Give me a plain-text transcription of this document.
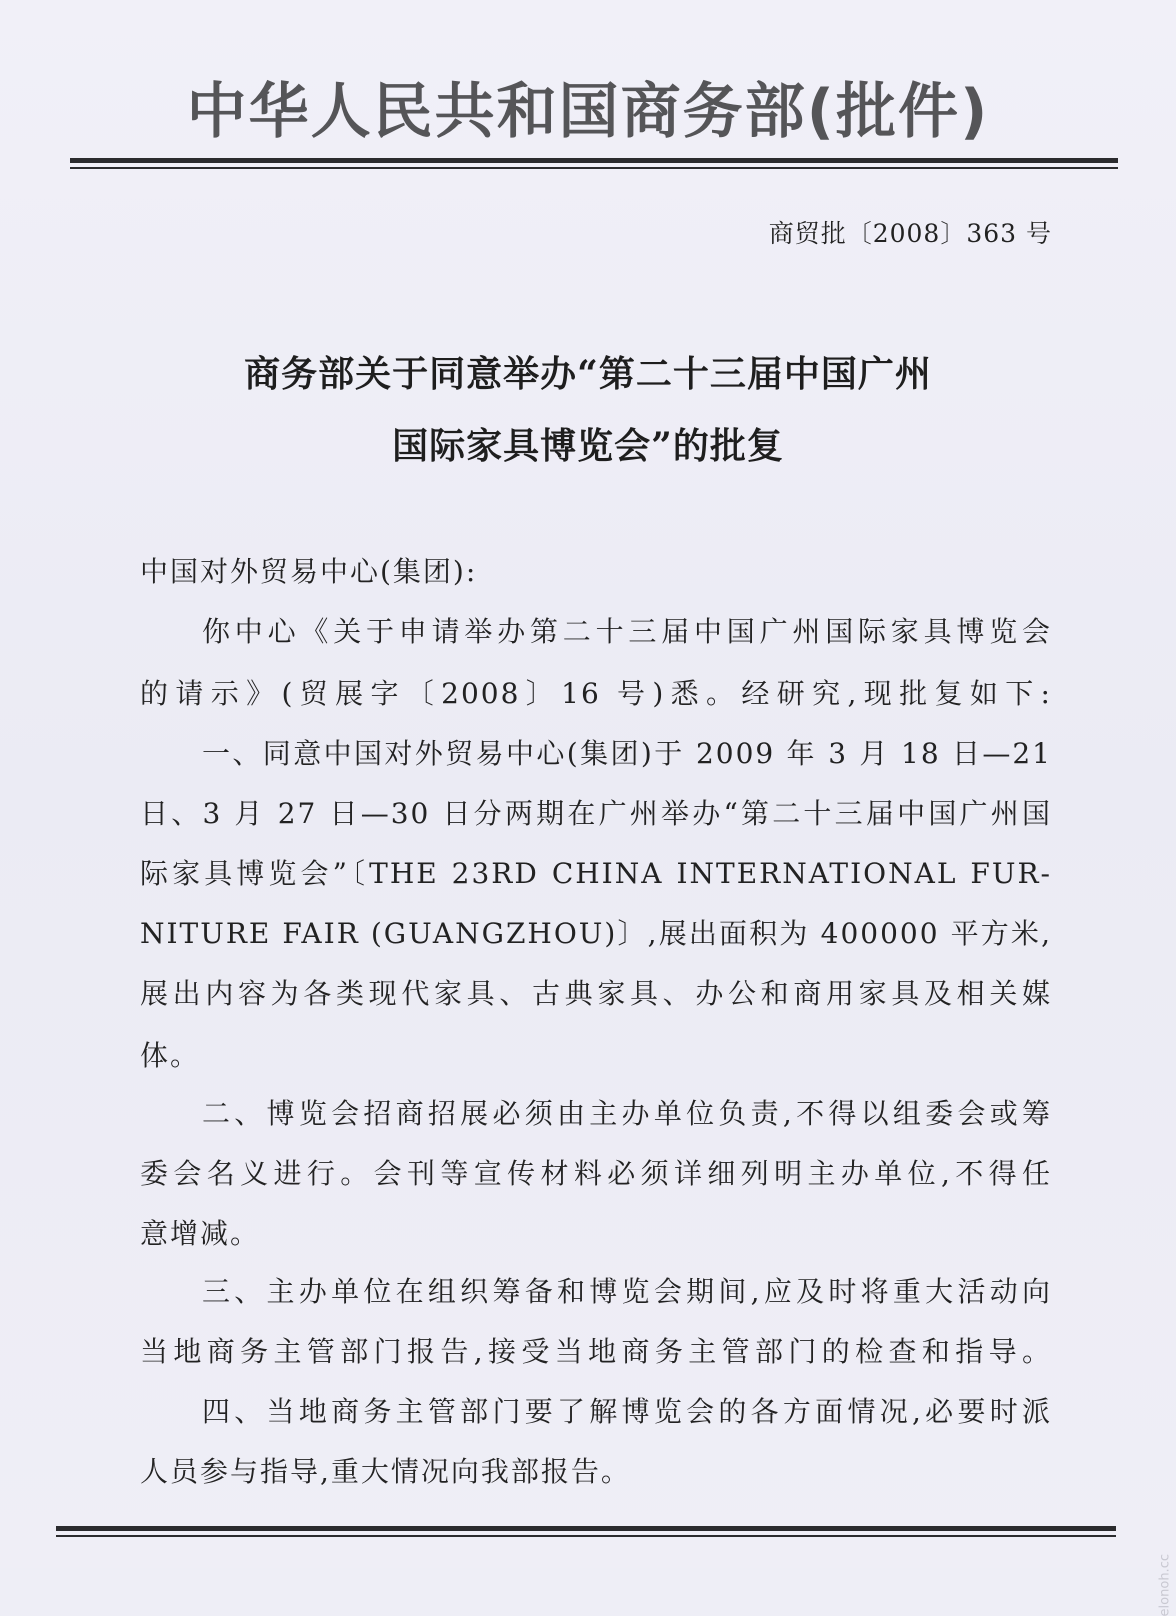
中华人民共和国商务部(批件)
商贸批〔2008〕363 号
商务部关于同意举办“第二十三届中国广州
国际家具博览会”的批复
中国对外贸易中心(集团):
你中心《关于申请举办第二十三届中国广州国际家具博览会
的请示》(贸展字〔2008〕16 号)悉。经研究,现批复如下:
一、同意中国对外贸易中心(集团)于 2009 年 3 月 18 日—21
日、3 月 27 日—30 日分两期在广州举办“第二十三届中国广州国
际家具博览会”〔THE 23RD CHINA INTERNATIONAL FUR-
NITURE FAIR (GUANGZHOU)〕,展出面积为 400000 平方米,
展出内容为各类现代家具、古典家具、办公和商用家具及相关媒
体。
二、博览会招商招展必须由主办单位负责,不得以组委会或筹
委会名义进行。会刊等宣传材料必须详细列明主办单位,不得任
意增减。
三、主办单位在组织筹备和博览会期间,应及时将重大活动向
当地商务主管部门报告,接受当地商务主管部门的检查和指导。
四、当地商务主管部门要了解博览会的各方面情况,必要时派
人员参与指导,重大情况向我部报告。
elonoh.cc
